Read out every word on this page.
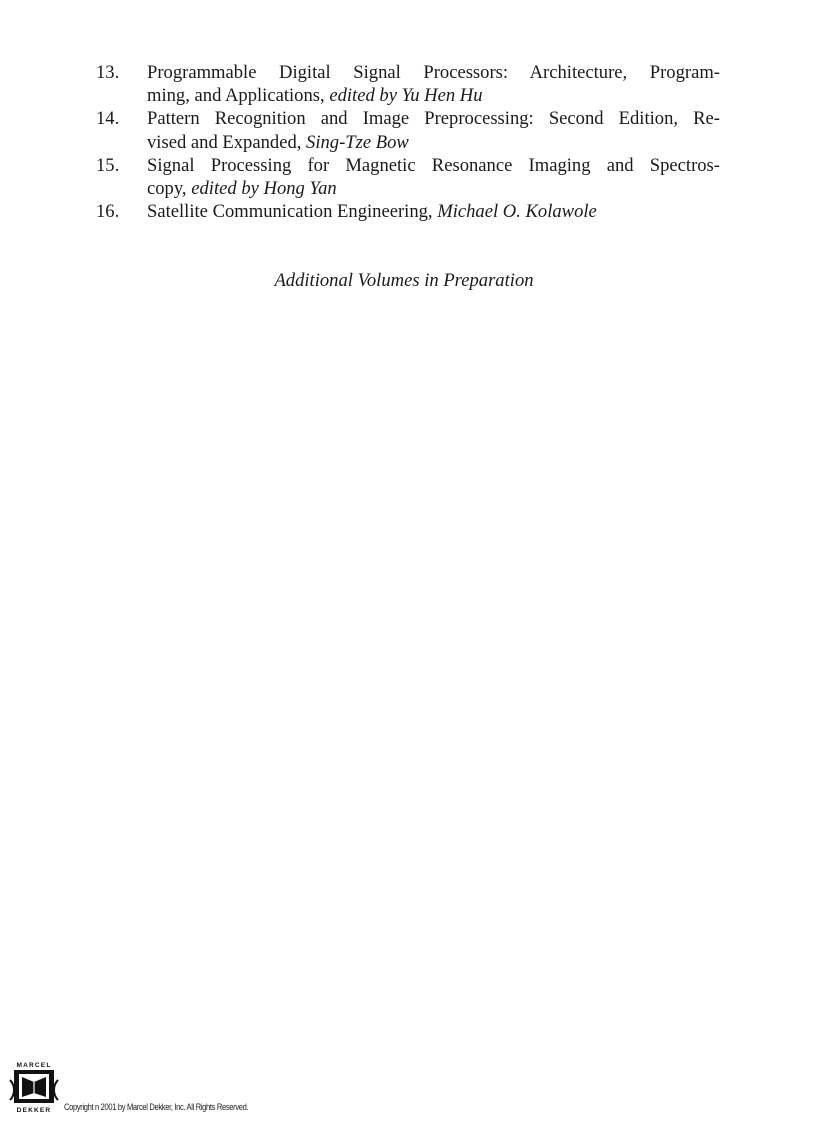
13.	Programmable Digital Signal Processors: Architecture, Program-
ming, and Applications, edited by Yu Hen Hu
14.	Pattern Recognition and Image Preprocessing: Second Edition, Re-
vised and Expanded, Sing-Tze Bow
15.	Signal Processing for Magnetic Resonance Imaging and Spectros-
copy, edited by Hong Yan
16.	Satellite Communication Engineering, Michael O. Kolawole
Additional Volumes in Preparation
MARCEL
DEKKER Copyright n 2001 by Marcel Dekker, Inc. All Rights Reserved.
